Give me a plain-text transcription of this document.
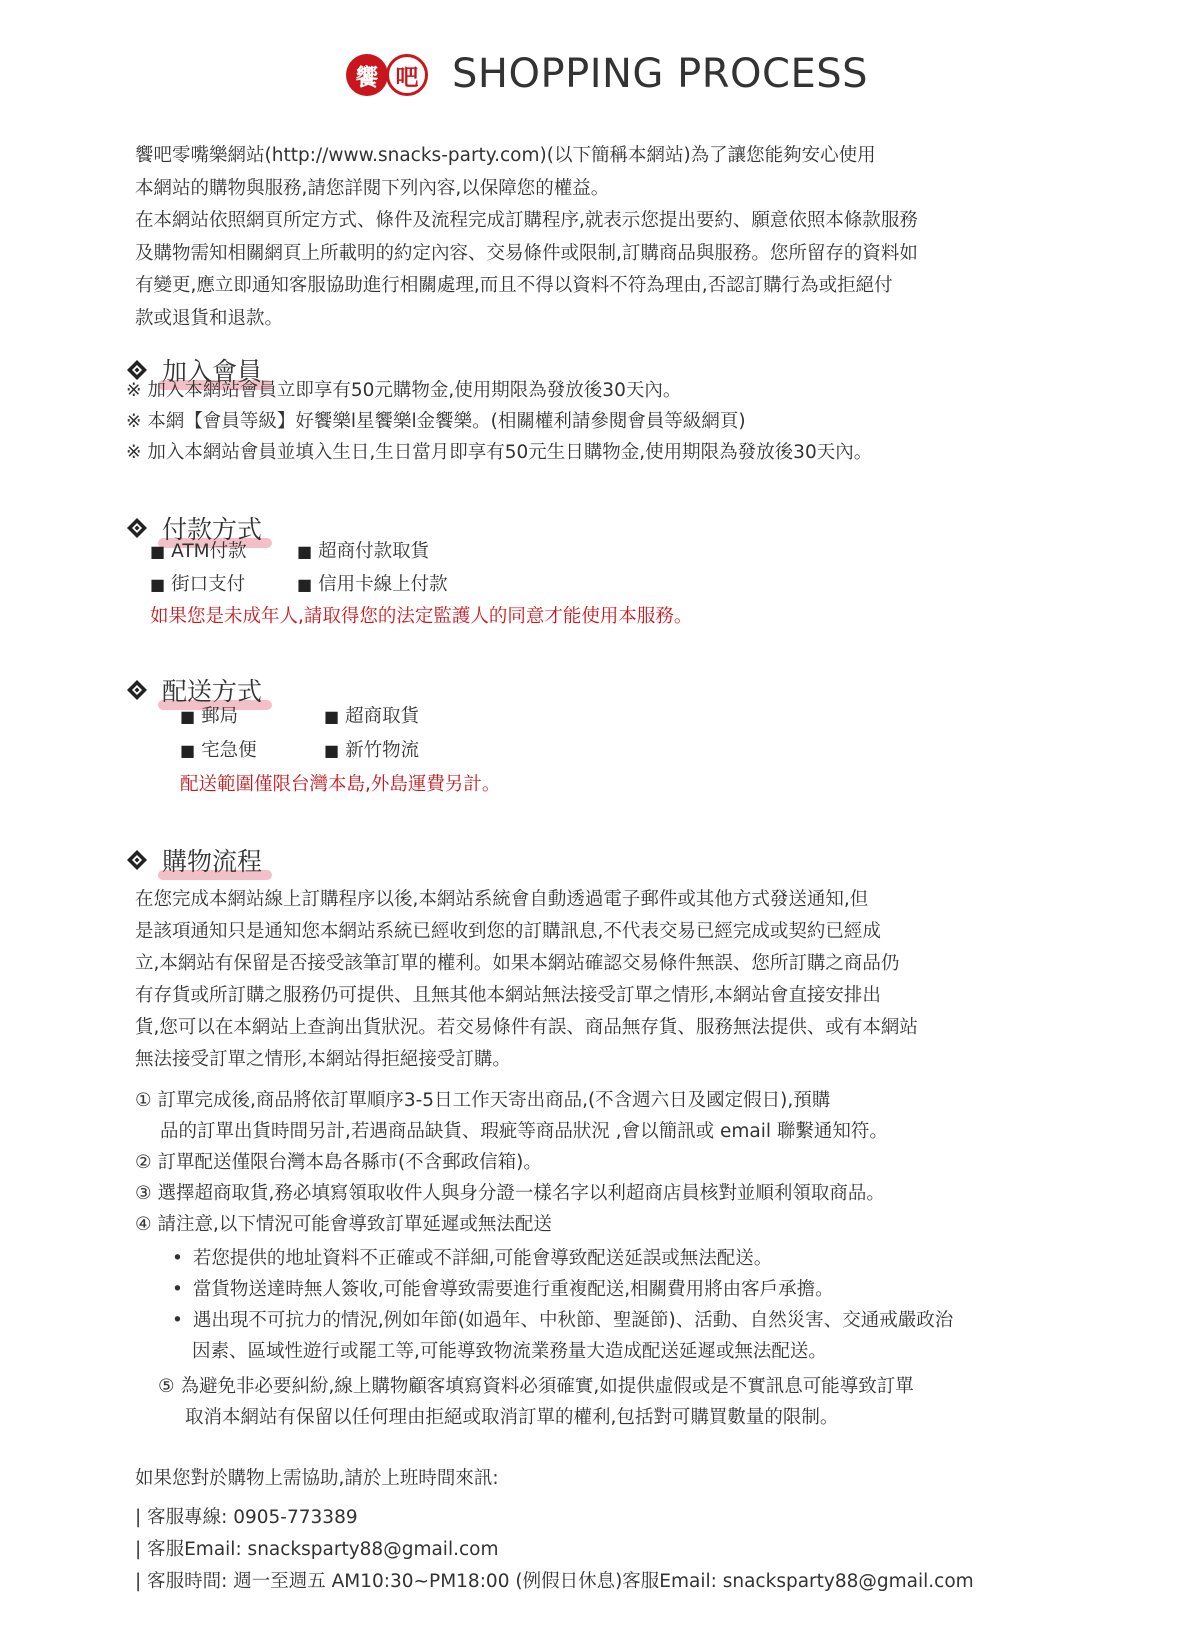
饗 吧 SHOPPING PROCESS

饗吧零嘴樂網站(http://www.snacks-party.com)(以下簡稱本網站)為了讓您能夠安心使用

本網站的購物與服務,請您詳閱下列內容,以保障您的權益。

在本網站依照網頁所定方式、條件及流程完成訂購程序,就表示您提出要約、願意依照本條款服務

及購物需知相關網頁上所載明的約定內容、交易條件或限制,訂購商品與服務。您所留存的資料如

有變更,應立即通知客服協助進行相關處理,而且不得以資料不符為理由,否認訂購行為或拒絕付

款或退貨和退款。

加入會員
※ 加入本網站會員立即享有50元購物金,使用期限為發放後30天內。
※ 本網【會員等級】好饗樂l星饗樂l金饗樂。(相關權利請參閱會員等級網頁)
※ 加入本網站會員並填入生日,生日當月即享有50元生日購物金,使用期限為發放後30天內。
付款方式
■ ATM付款	■ 超商付款取貨
■ 街口支付	■ 信用卡線上付款
如果您是未成年人,請取得您的法定監護人的同意才能使用本服務。
配送方式
■ 郵局	■ 超商取貨
■ 宅急便	■ 新竹物流
配送範圍僅限台灣本島,外島運費另計。
購物流程

在您完成本網站線上訂購程序以後,本網站系統會自動透過電子郵件或其他方式發送通知,但

是該項通知只是通知您本網站系統已經收到您的訂購訊息,不代表交易已經完成或契約已經成

立,本網站有保留是否接受該筆訂單的權利。如果本網站確認交易條件無誤、您所訂購之商品仍

有存貨或所訂購之服務仍可提供、且無其他本網站無法接受訂單之情形,本網站會直接安排出

貨,您可以在本網站上查詢出貨狀況。若交易條件有誤、商品無存貨、服務無法提供、或有本網站

無法接受訂單之情形,本網站得拒絕接受訂購。

① 訂單完成後,商品將依訂單順序3-5日工作天寄出商品,(不含週六日及國定假日),預購
品的訂單出貨時間另計,若遇商品缺貨、瑕疵等商品狀況 ,會以簡訊或 email 聯繫通知符。
② 訂單配送僅限台灣本島各縣市(不含郵政信箱)。
③ 選擇超商取貨,務必填寫領取收件人與身分證一樣名字以利超商店員核對並順利領取商品。
④ 請注意,以下情況可能會導致訂單延遲或無法配送
• 若您提供的地址資料不正確或不詳細,可能會導致配送延誤或無法配送。
• 當貨物送達時無人簽收,可能會導致需要進行重複配送,相關費用將由客戶承擔。
• 遇出現不可抗力的情況,例如年節(如過年、中秋節、聖誕節)、活動、自然災害、交通戒嚴政治
因素、區域性遊行或罷工等,可能導致物流業務量大造成配送延遲或無法配送。
⑤ 為避免非必要糾紛,線上購物顧客填寫資料必須確實,如提供虛假或是不實訊息可能導致訂單
取消本網站有保留以任何理由拒絕或取消訂單的權利,包括對可購買數量的限制。
如果您對於購物上需協助,請於上班時間來訊:
| 客服專線: 0905-773389
| 客服Email: snacksparty88@gmail.com
| 客服時間: 週一至週五 AM10:30~PM18:00 (例假日休息)客服Email: snacksparty88@gmail.com
